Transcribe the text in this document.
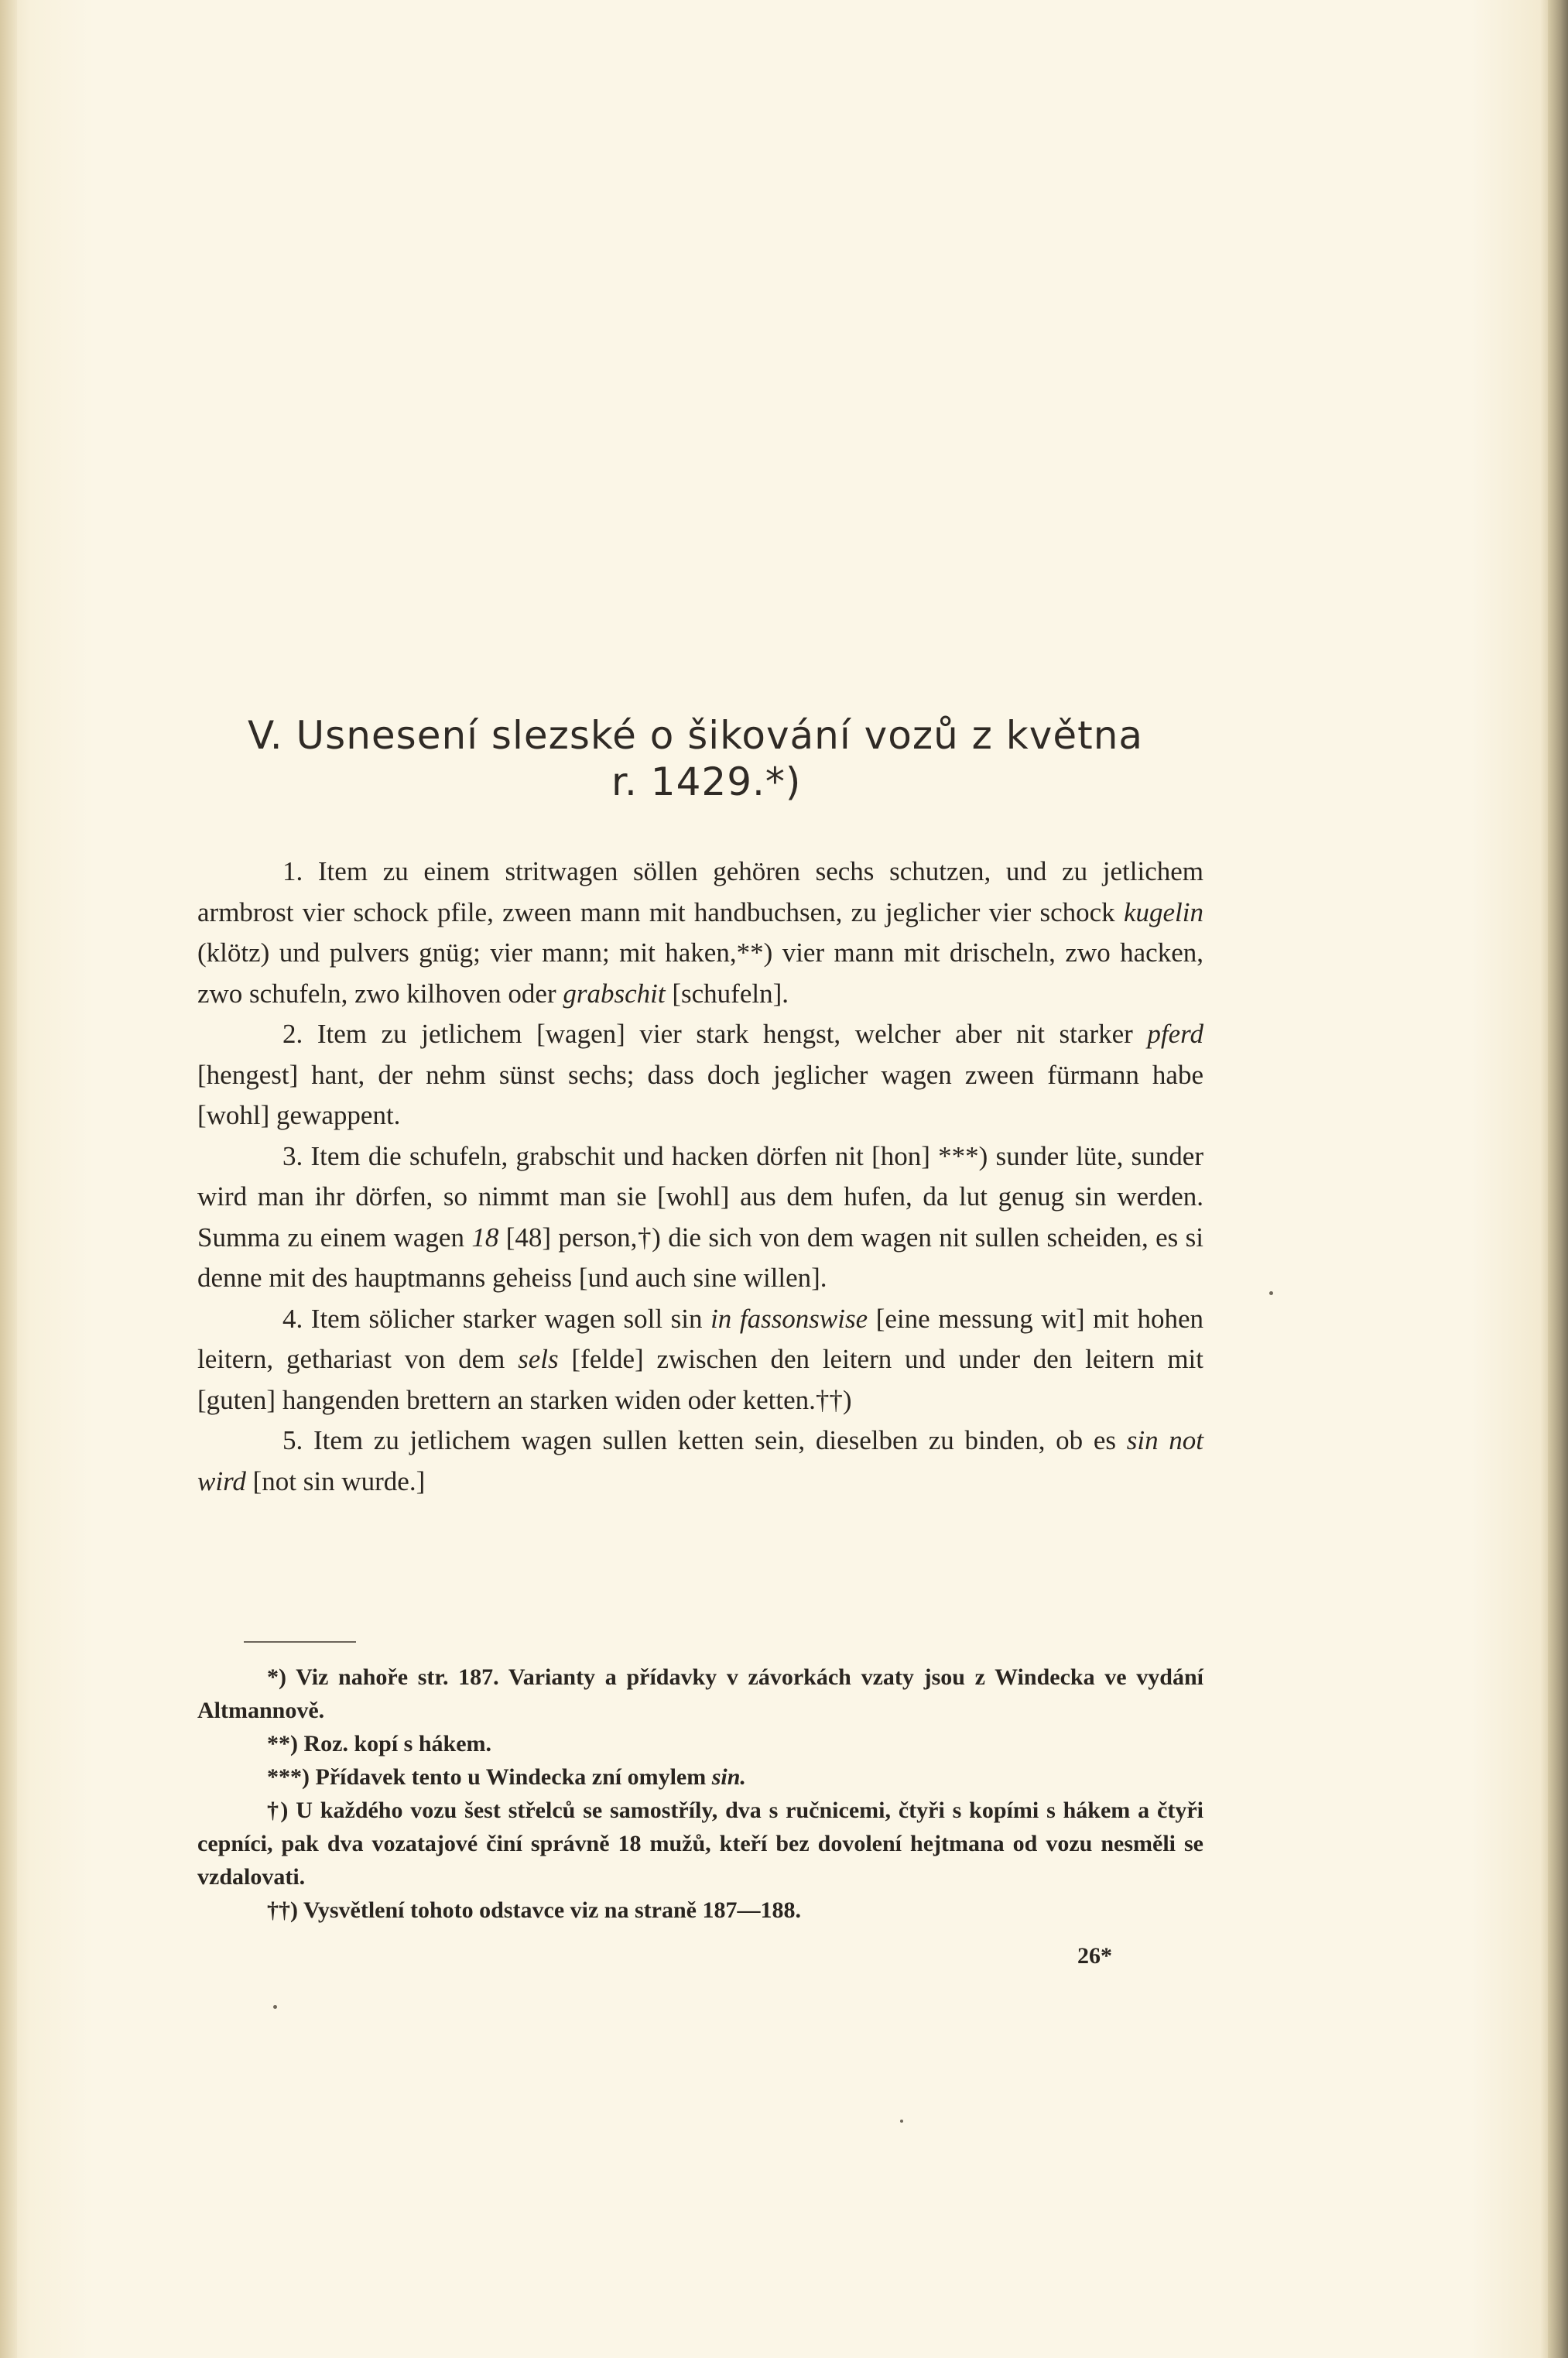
V. Usnesení slezské o šikování vozů z května
r. 1429.*)

1. Item zu einem stritwagen söllen gehören sechs schutzen, und zu jetlichem armbrost vier schock pfile, zween mann mit handbuchsen, zu jeglicher vier schock kugelin (klötz) und pulvers gnüg; vier mann; mit haken,**) vier mann mit drischeln, zwo hacken, zwo schufeln, zwo kilhoven oder grabschit [schufeln].

2. Item zu jetlichem [wagen] vier stark hengst, welcher aber nit starker pferd [hengest] hant, der nehm sünst sechs; dass doch jeglicher wagen zween fürmann habe [wohl] gewappent.

3. Item die schufeln, grabschit und hacken dörfen nit [hon] ***) sunder lüte, sunder wird man ihr dörfen, so nimmt man sie [wohl] aus dem hufen, da lut genug sin werden. Summa zu einem wagen 18 [48] person,†) die sich von dem wagen nit sullen scheiden, es si denne mit des hauptmanns geheiss [und auch sine willen].

4. Item sölicher starker wagen soll sin in fassonswise [eine messung wit] mit hohen leitern, gethariast von dem sels [felde] zwischen den leitern und under den leitern mit [guten] hangenden brettern an starken widen oder ketten.††)

5. Item zu jetlichem wagen sullen ketten sein, dieselben zu binden, ob es sin not wird [not sin wurde.]

*) Viz nahoře str. 187. Varianty a přídavky v závorkách vzaty jsou z Windecka ve vydání Altmannově.

**) Roz. kopí s hákem.

***) Přídavek tento u Windecka zní omylem sin.

†) U každého vozu šest střelců se samostříly, dva s ručnicemi, čtyři s kopími s hákem a čtyři cepníci, pak dva vozatajové činí správně 18 mužů, kteří bez dovolení hejtmana od vozu nesměli se vzdalovati.

††) Vysvětlení tohoto odstavce viz na straně 187—188.

26*
